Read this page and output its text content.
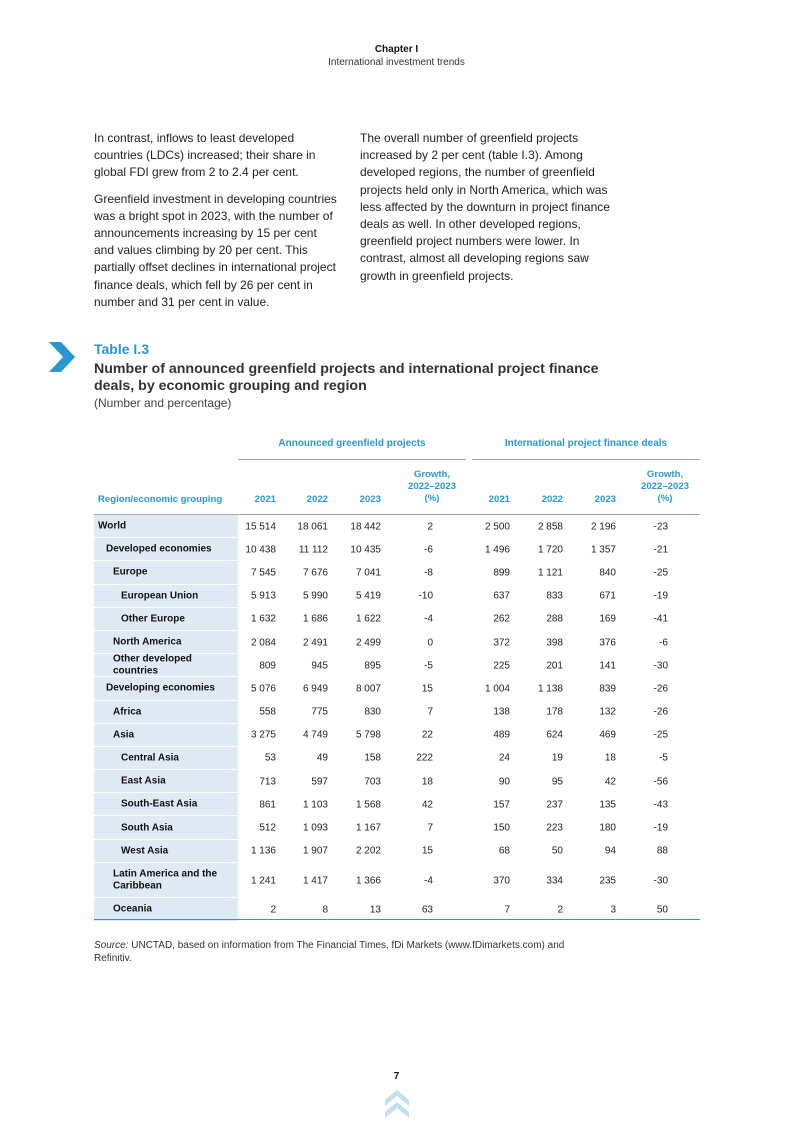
Chapter I
International investment trends

In contrast, inflows to least developed countries (LDCs) increased; their share in global FDI grew from 2 to 2.4 per cent.

Greenfield investment in developing countries was a bright spot in 2023, with the number of announcements increasing by 15 per cent and values climbing by 20 per cent. This partially offset declines in international project finance deals, which fell by 26 per cent in number and 31 per cent in value.

The overall number of greenfield projects increased by 2 per cent (table I.3). Among developed regions, the number of greenfield projects held only in North America, which was less affected by the downturn in project finance deals as well. In other developed regions, greenfield project numbers were lower. In contrast, almost all developing regions saw growth in greenfield projects.

Table I.3
Number of announced greenfield projects and international project finance deals, by economic grouping and region
(Number and percentage)
Announced greenfield projects	International project finance deals
Region/economic grouping	2021	2022	2023
Growth,
2022–2023
(%)	2021	2022	2023
Growth,
2022–2023
(%)
World	15 514	18 061	18 442	2	2 500	2 858	2 196	-23
Developed economies	10 438	11 112	10 435	-6	1 496	1 720	1 357	-21
Europe	7 545	7 676	7 041	-8	899	1 121	840	-25
European Union	5 913	5 990	5 419	-10	637	833	671	-19
Other Europe	1 632	1 686	1 622	-4	262	288	169	-41
North America	2 084	2 491	2 499	0	372	398	376	-6
Other developed countries	809	945	895	-5	225	201	141	-30
Developing economies	5 076	6 949	8 007	15	1 004	1 138	839	-26
Africa	558	775	830	7	138	178	132	-26
Asia	3 275	4 749	5 798	22	489	624	469	-25
Central Asia	53	49	158	222	24	19	18	-5
East Asia	713	597	703	18	90	95	42	-56
South-East Asia	861	1 103	1 568	42	157	237	135	-43
South Asia	512	1 093	1 167	7	150	223	180	-19
West Asia	1 136	1 907	2 202	15	68	50	94	88
Latin America and the Caribbean	1 241	1 417	1 366	-4	370	334	235	-30
Oceania	2	8	13	63	7	2	3	50
Source: UNCTAD, based on information from The Financial Times, fDi Markets (www.fDimarkets.com) and Refinitiv.
7
